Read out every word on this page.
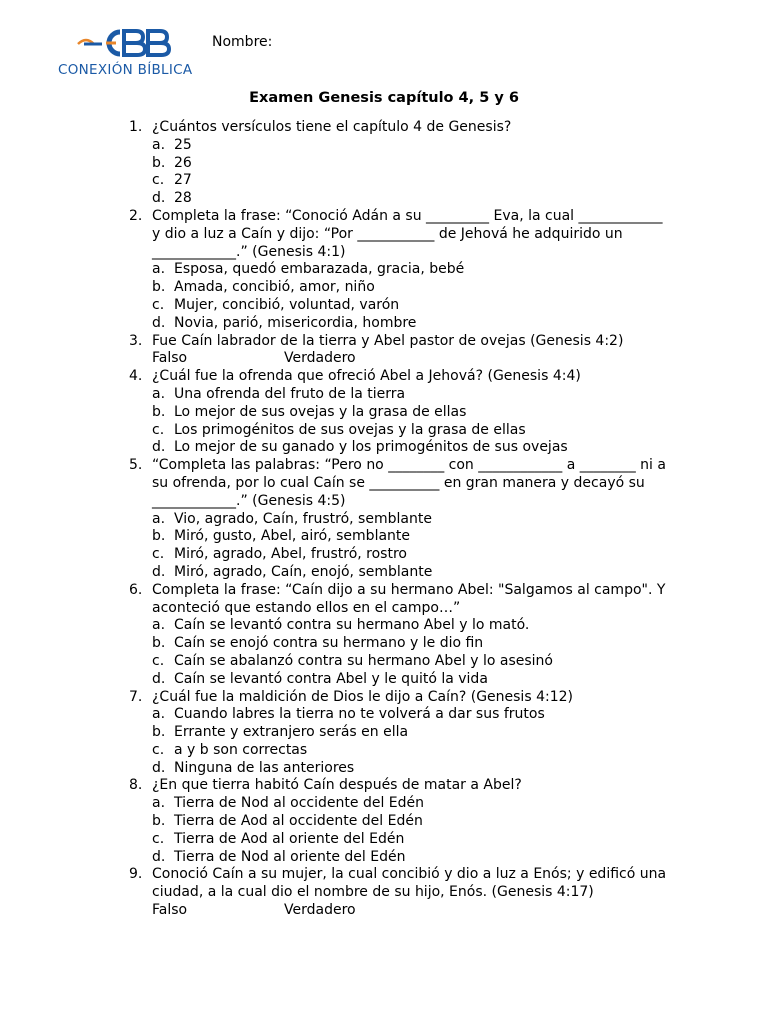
CONEXIÓN BÍBLICA
Nombre:
Examen Genesis capítulo 4, 5 y 6
1. ¿Cuántos versículos tiene el capítulo 4 de Genesis?
a. 25
b. 26
c. 27
d. 28
2. Completa la frase: “Conoció Adán a su _________ Eva, la cual ____________ y dio a luz a Caín y dijo: “Por ___________ de Jehová he adquirido un ____________.” (Genesis 4:1)
a. Esposa, quedó embarazada, gracia, bebé
b. Amada, concibió, amor, niño
c. Mujer, concibió, voluntad, varón
d. Novia, parió, misericordia, hombre
3. Fue Caín labrador de la tierra y Abel pastor de ovejas (Genesis 4:2)
Falso	Verdadero
4. ¿Cuál fue la ofrenda que ofreció Abel a Jehová? (Genesis 4:4)
a. Una ofrenda del fruto de la tierra
b. Lo mejor de sus ovejas y la grasa de ellas
c. Los primogénitos de sus ovejas y la grasa de ellas
d. Lo mejor de su ganado y los primogénitos de sus ovejas
5. “Completa las palabras: “Pero no ________ con ____________ a ________ ni a su ofrenda, por lo cual Caín se __________ en gran manera y decayó su ____________.” (Genesis 4:5)
a. Vio, agrado, Caín, frustró, semblante
b. Miró, gusto, Abel, airó, semblante
c. Miró, agrado, Abel, frustró, rostro
d. Miró, agrado, Caín, enojó, semblante
6. Completa la frase: “Caín dijo a su hermano Abel: "Salgamos al campo". Y aconteció que estando ellos en el campo…”
a. Caín se levantó contra su hermano Abel y lo mató.
b. Caín se enojó contra su hermano y le dio fin
c. Caín se abalanzó contra su hermano Abel y lo asesinó
d. Caín se levantó contra Abel y le quitó la vida
7. ¿Cuál fue la maldición de Dios le dijo a Caín? (Genesis 4:12)
a. Cuando labres la tierra no te volverá a dar sus frutos
b. Errante y extranjero serás en ella
c. a y b son correctas
d. Ninguna de las anteriores
8. ¿En que tierra habitó Caín después de matar a Abel?
a. Tierra de Nod al occidente del Edén
b. Tierra de Aod al occidente del Edén
c. Tierra de Aod al oriente del Edén
d. Tierra de Nod al oriente del Edén
9. Conoció Caín a su mujer, la cual concibió y dio a luz a Enós; y edificó una ciudad, a la cual dio el nombre de su hijo, Enós. (Genesis 4:17)
Falso	Verdadero
